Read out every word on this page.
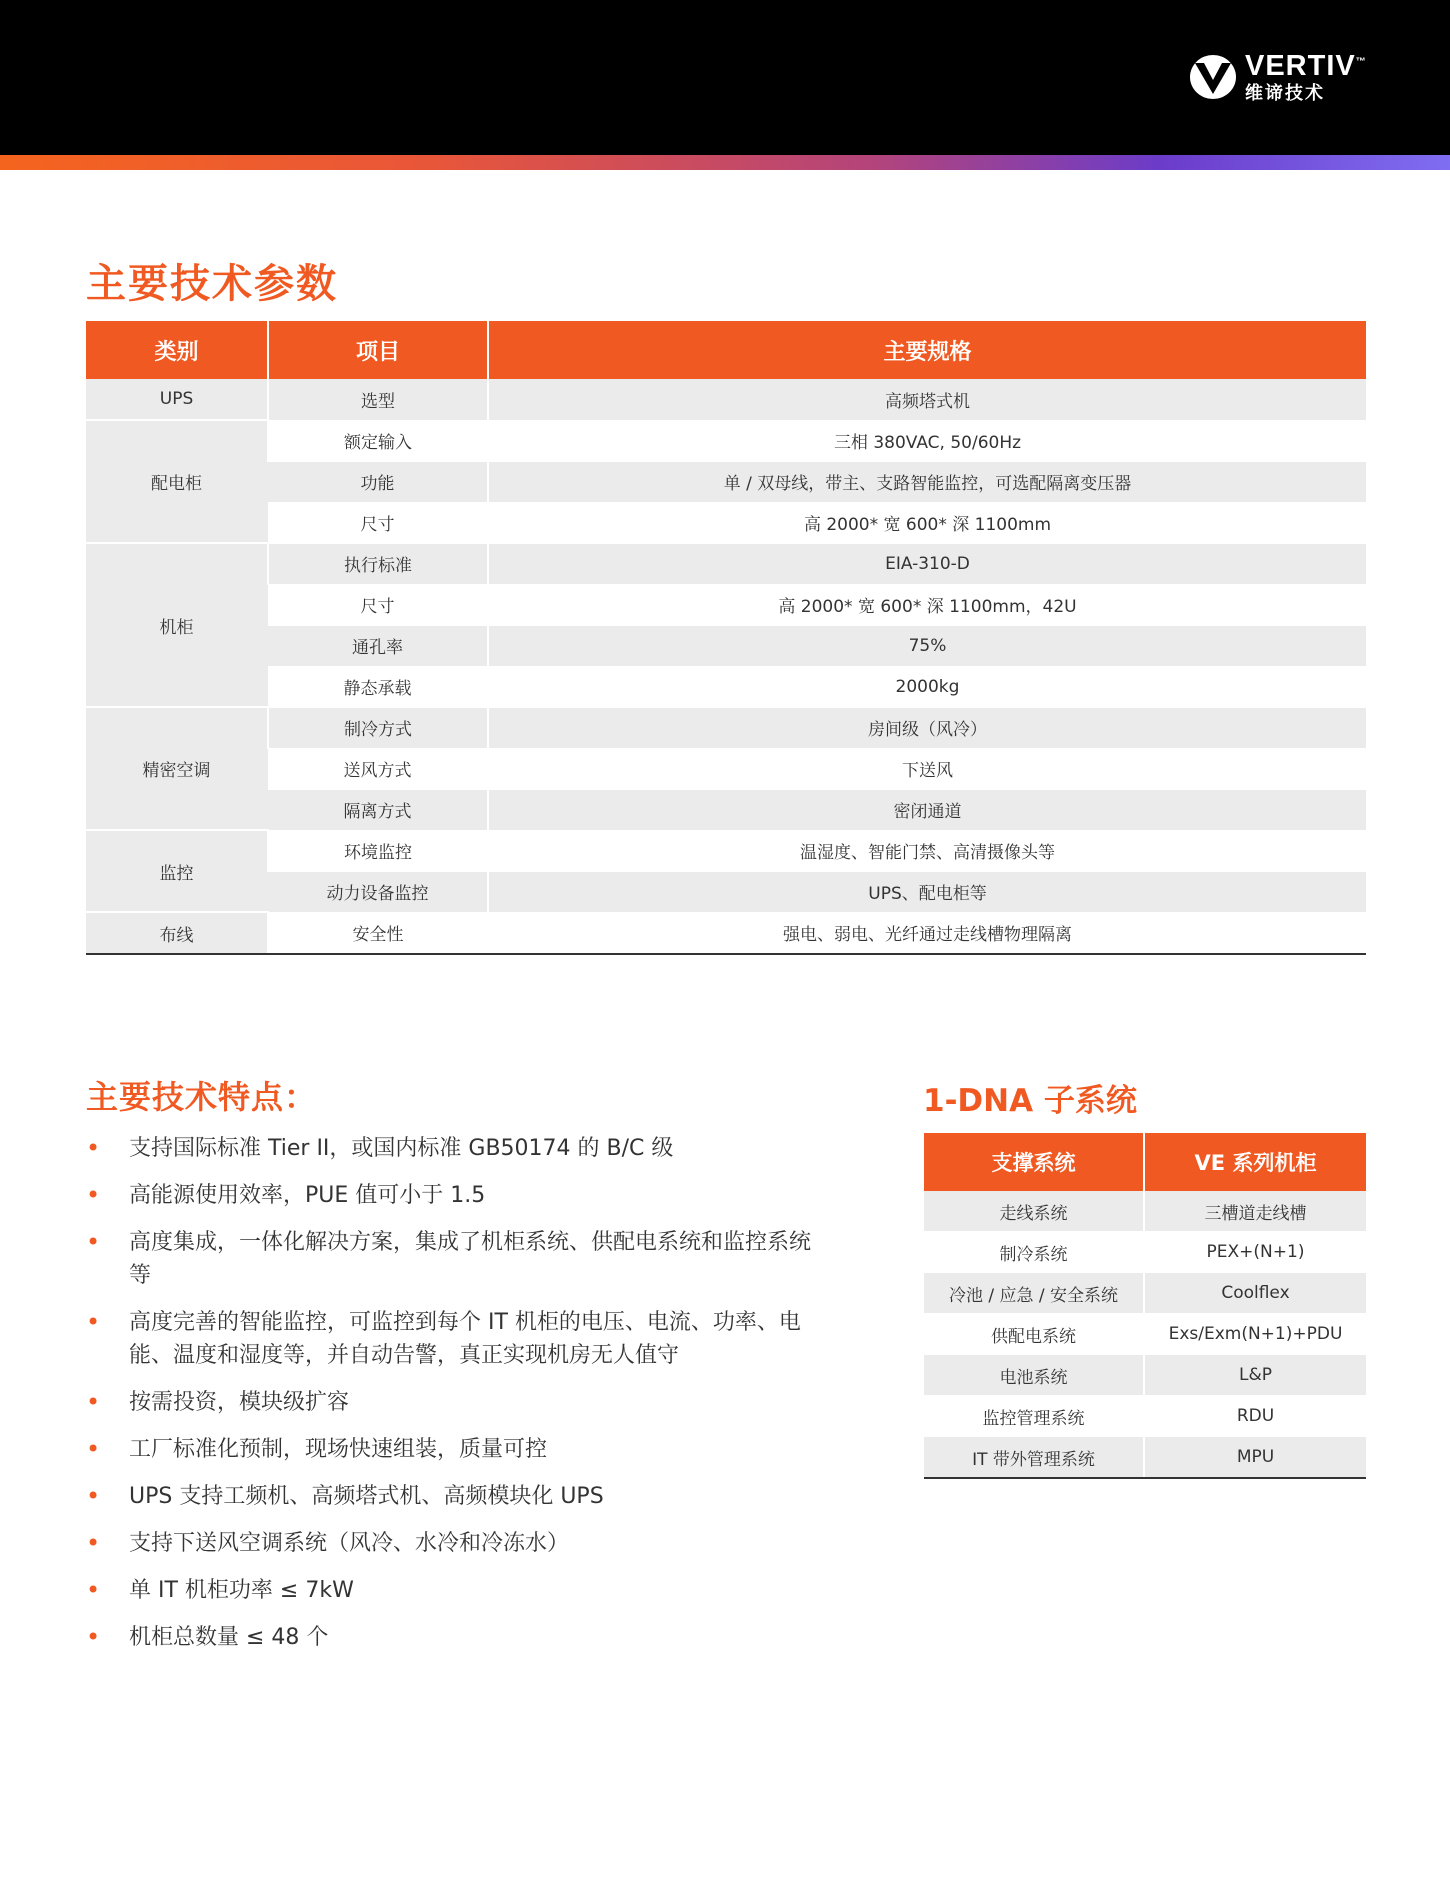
VERTIV™
维谛技术
主要技术参数
类别	项目	主要规格
UPS	选型	高频塔式机
配电柜	额定输入	三相 380VAC, 50/60Hz
	功能	单 / 双母线，带主、支路智能监控，可选配隔离变压器
	尺寸	高 2000* 宽 600* 深 1100mm
机柜	执行标准	EIA-310-D
	尺寸	高 2000* 宽 600* 深 1100mm，42U
	通孔率	75%
	静态承载	2000kg
精密空调	制冷方式	房间级（风冷）
	送风方式	下送风
	隔离方式	密闭通道
监控	环境监控	温湿度、智能门禁、高清摄像头等
	动力设备监控	UPS、配电柜等
布线	安全性	强电、弱电、光纤通过走线槽物理隔离
主要技术特点：
• 支持国际标准 Tier II，或国内标准 GB50174 的 B/C 级
• 高能源使用效率，PUE 值可小于 1.5
• 高度集成，一体化解决方案，集成了机柜系统、供配电系统和监控系统等
• 高度完善的智能监控，可监控到每个 IT 机柜的电压、电流、功率、电能、温度和湿度等，并自动告警，真正实现机房无人值守
• 按需投资，模块级扩容
• 工厂标准化预制，现场快速组装，质量可控
• UPS 支持工频机、高频塔式机、高频模块化 UPS
• 支持下送风空调系统（风冷、水冷和冷冻水）
• 单 IT 机柜功率 ≤ 7kW
• 机柜总数量 ≤ 48 个
1-DNA 子系统
支撑系统	VE 系列机柜
走线系统	三槽道走线槽
制冷系统	PEX+(N+1)
冷池 / 应急 / 安全系统	Coolflex
供配电系统	Exs/Exm(N+1)+PDU
电池系统	L&P
监控管理系统	RDU
IT 带外管理系统	MPU
